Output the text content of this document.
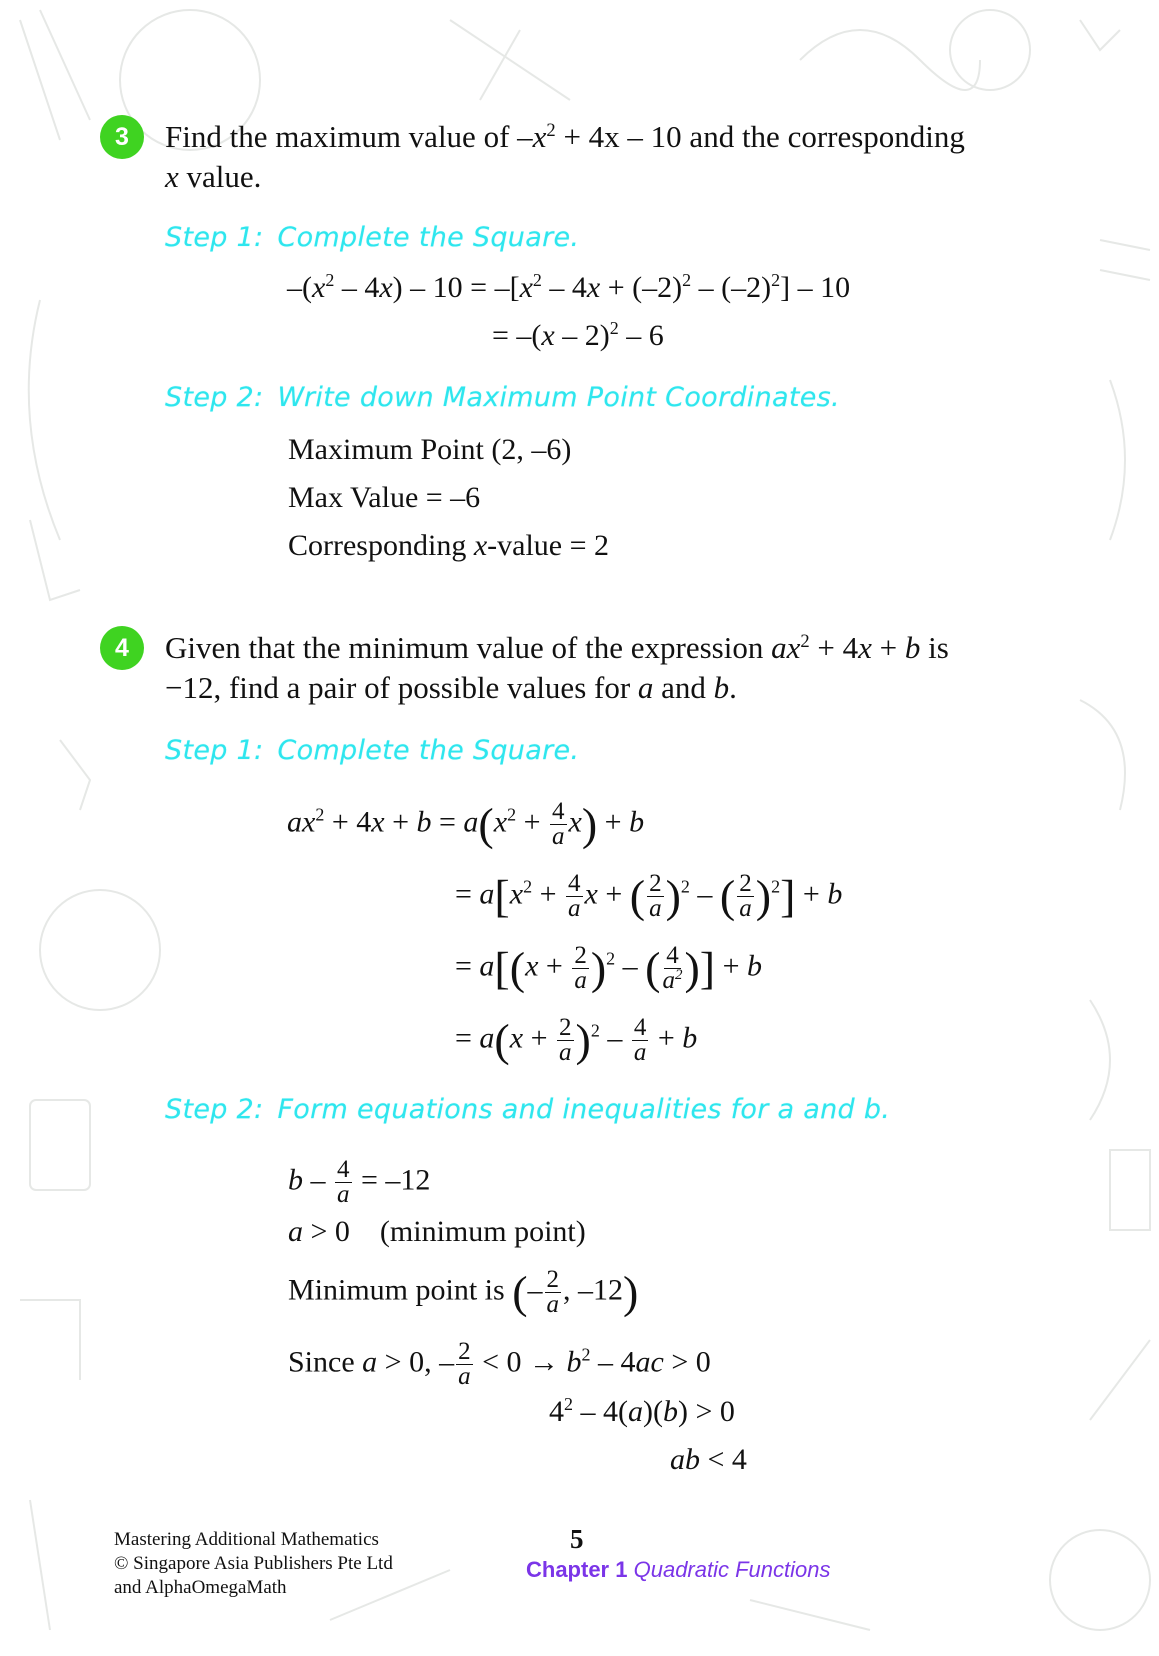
3	Find the maximum value of $-x^2 + 4x - 10$ and the corresponding
x value.
Step 1: Complete the Square.
$-(x^2 - 4x) - 10 = -[x^2 - 4x + (-2)^2 - (-2)^2] - 10$
= –(x – 2)$^2$ – 6
Step 2: Write down Maximum Point Coordinates.
Maximum Point (2, –6)
Max Value = –6
Corresponding x-value = 2
4	Given that the minimum value of the expression $ax^2 + 4x + b$ is
−12, find a pair of possible values for a and b.
Step 1: Complete the Square.
$ax^2 + 4x + b = a(x^2 + \frac{4}{a} x) + b$
= $a[x^2 + \frac{4}{a}$ x + ( $\frac{2}{a} )^2$ – ( $\frac{2}{a} )^2] + b$
= $a[(x + \frac{2}{a} )^2$ – ( $\frac{4}{a^2}$ )] + b
= $a(x + \frac{2}{a} )^2 - \frac{4}{a} + b$
Step 2: Form equations and inequalities for a and b.
$b - \frac{4}{a} = -12$
a > 0    (minimum point)
Minimum point is (– $\frac{2}{a}$ , –12)
Since a > 0, – $\frac{2}{a} < 0 \to b^2 - 4ac > 0$
$4^2 - 4(a)(b) > 0$
ab < 4
Mastering Additional Mathematics
© Singapore Asia Publishers Pte Ltd
and AlphaOmegaMath
5
Chapter 1 Quadratic Functions
